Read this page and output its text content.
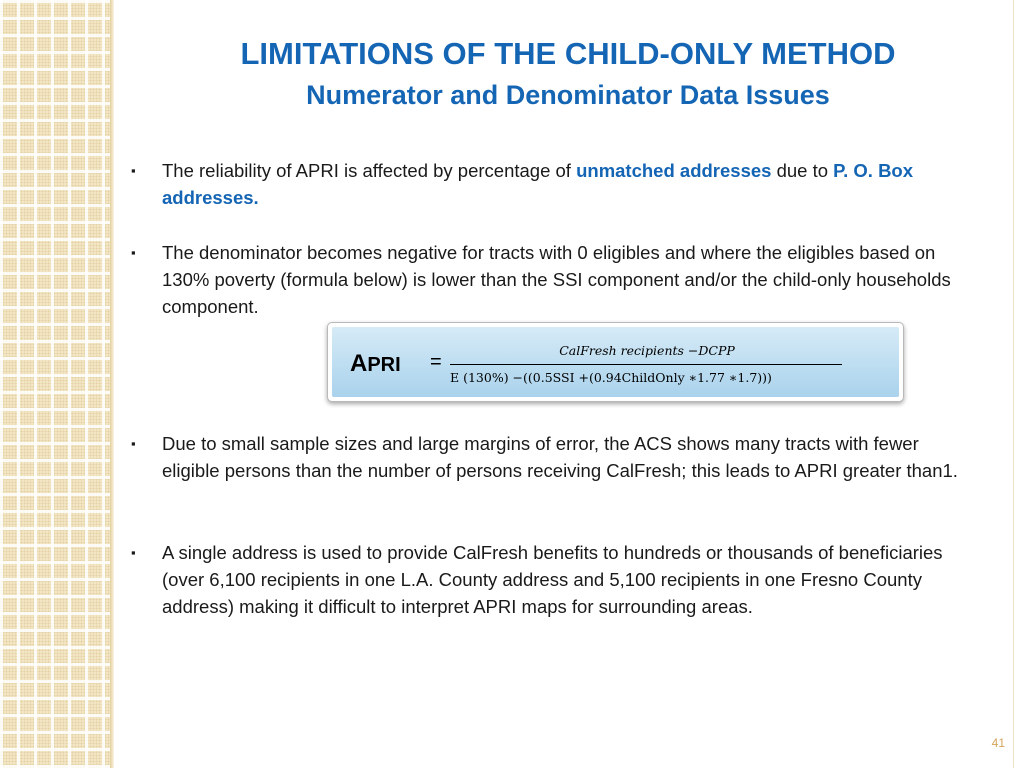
LIMITATIONS OF THE CHILD-ONLY METHOD
Numerator and Denominator Data Issues
▪ The reliability of APRI is affected by percentage of unmatched addresses due to P. O. Box addresses.
▪ The denominator becomes negative for tracts with 0 eligibles and where the eligibles based on 130% poverty (formula below) is lower than the SSI component and/or the child-only households component.
APRI =
CalFresh recipients −DCPP
E (130%) −((0.5SSI +(0.94ChildOnly ∗1.77 ∗1.7)))
▪ Due to small sample sizes and large margins of error, the ACS shows many tracts with fewer eligible persons than the number of persons receiving CalFresh; this leads to APRI greater than1.
▪ A single address is used to provide CalFresh benefits to hundreds or thousands of beneficiaries (over 6,100 recipients in one L.A. County address and 5,100 recipients in one Fresno County address) making it difficult to interpret APRI maps for surrounding areas.
41
